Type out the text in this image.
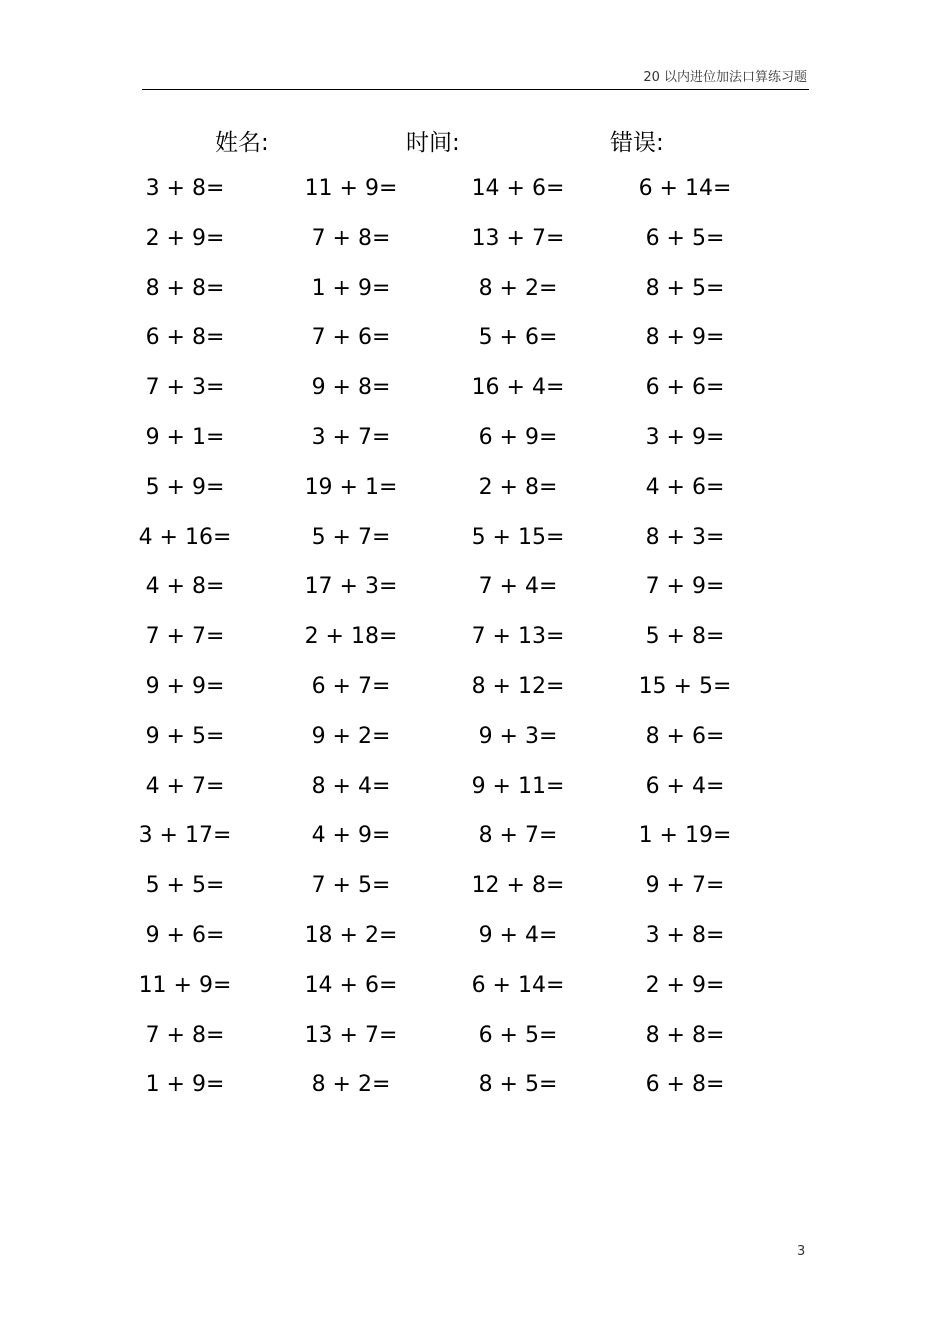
20 以内进位加法口算练习题
姓名:	时间:	错误:
3 + 8=	11 + 9=	14 + 6=	6 + 14=
2 + 9=	7 + 8=	13 + 7=	6 + 5=
8 + 8=	1 + 9=	8 + 2=	8 + 5=
6 + 8=	7 + 6=	5 + 6=	8 + 9=
7 + 3=	9 + 8=	16 + 4=	6 + 6=
9 + 1=	3 + 7=	6 + 9=	3 + 9=
5 + 9=	19 + 1=	2 + 8=	4 + 6=
4 + 16=	5 + 7=	5 + 15=	8 + 3=
4 + 8=	17 + 3=	7 + 4=	7 + 9=
7 + 7=	2 + 18=	7 + 13=	5 + 8=
9 + 9=	6 + 7=	8 + 12=	15 + 5=
9 + 5=	9 + 2=	9 + 3=	8 + 6=
4 + 7=	8 + 4=	9 + 11=	6 + 4=
3 + 17=	4 + 9=	8 + 7=	1 + 19=
5 + 5=	7 + 5=	12 + 8=	9 + 7=
9 + 6=	18 + 2=	9 + 4=	3 + 8=
11 + 9=	14 + 6=	6 + 14=	2 + 9=
7 + 8=	13 + 7=	6 + 5=	8 + 8=
1 + 9=	8 + 2=	8 + 5=	6 + 8=
3
